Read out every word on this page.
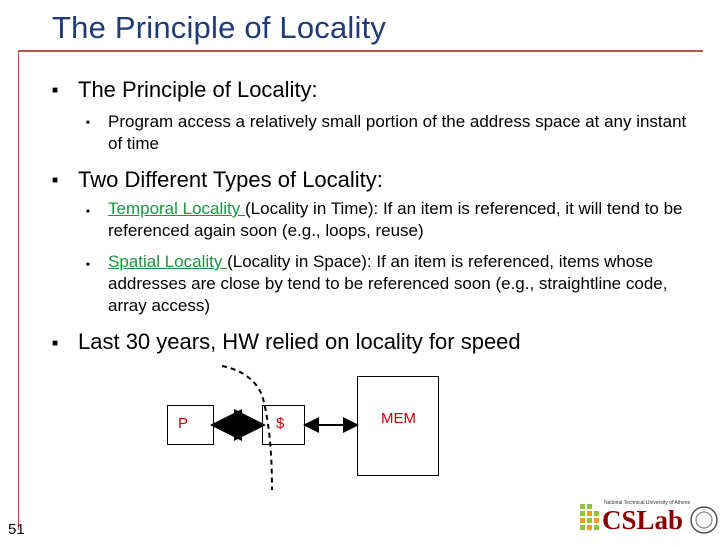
The Principle of Locality
■ The Principle of Locality:
■ Program access a relatively small portion of the address space at any instant of time
■ Two Different Types of Locality:
■ Temporal Locality (Locality in Time): If an item is referenced, it will tend to be referenced again soon (e.g., loops, reuse)
■ Spatial Locality (Locality in Space): If an item is referenced, items whose addresses are close by tend to be referenced soon (e.g., straightline code, array access)
■ Last 30 years, HW relied on locality for speed
P	$	MEM
51
National Technical University of Athens
CSLab
